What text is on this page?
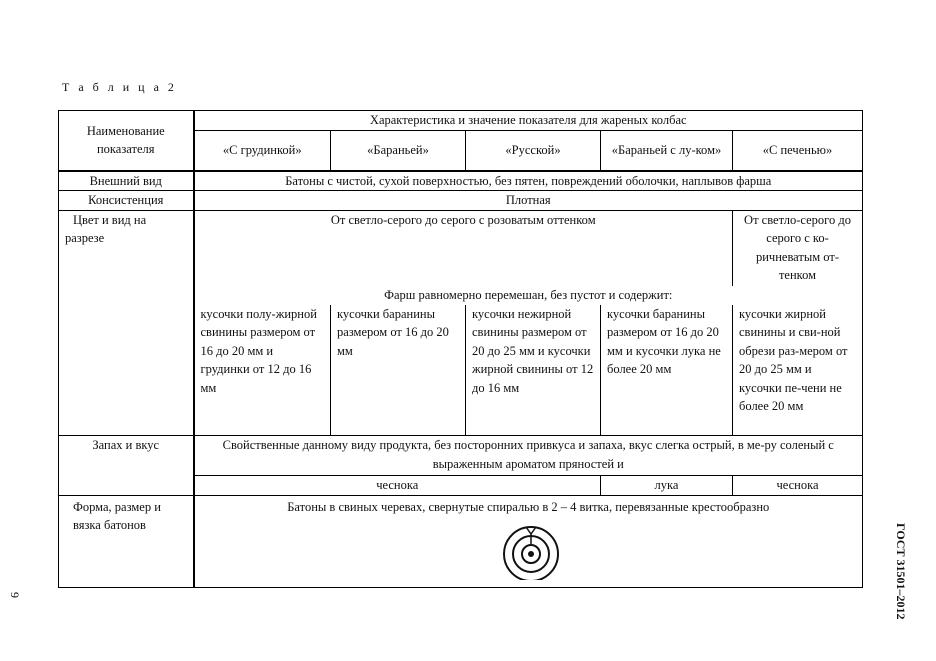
Т а б л и ц а 2
Наименование показателя	Характеристика и значение показателя для жареных колбас				
	«С грудинкой»	«Бараньей»	«Русской»	«Бараньей с лу-ком»	«С печенью»
Внешний вид	Батоны с чистой, сухой поверхностью, без пятен, повреждений оболочки, наплывов фарша				
Консистенция	Плотная				

Цвет и вид на
разрезе	От светло-серого до серого с розоватым оттенком				От светло-серого до серого с ко-ричневатым от-тенком
	Фарш равномерно перемешан, без пустот и содержит:				
	кусочки полу-жирной свинины размером от 16 до 20 мм и грудинки от 12 до 16 мм	кусочки баранины размером от 16 до 20 мм	кусочки нежирной свинины размером от 20 до 25 мм и кусочки жирной свинины от 12 до 16 мм	кусочки баранины размером от 16 до 20 мм и кусочки лука не более 20 мм	кусочки жирной свинины и сви-ной обрези раз-мером от 20 до 25 мм и кусочки пе-чени не более 20 мм
Запах и вкус	Свойственные данному виду продукта, без посторонних привкуса и запаха, вкус слегка острый, в ме-ру соленый с выраженным ароматом пряностей и				
	чеснока			лука	чеснока

Форма, размер и
вязка батонов	Батоны в свиных черевах, свернутые спиралью в 2 – 4 витка, перевязанные крестообразно				
9	ГОСТ 31501–2012
